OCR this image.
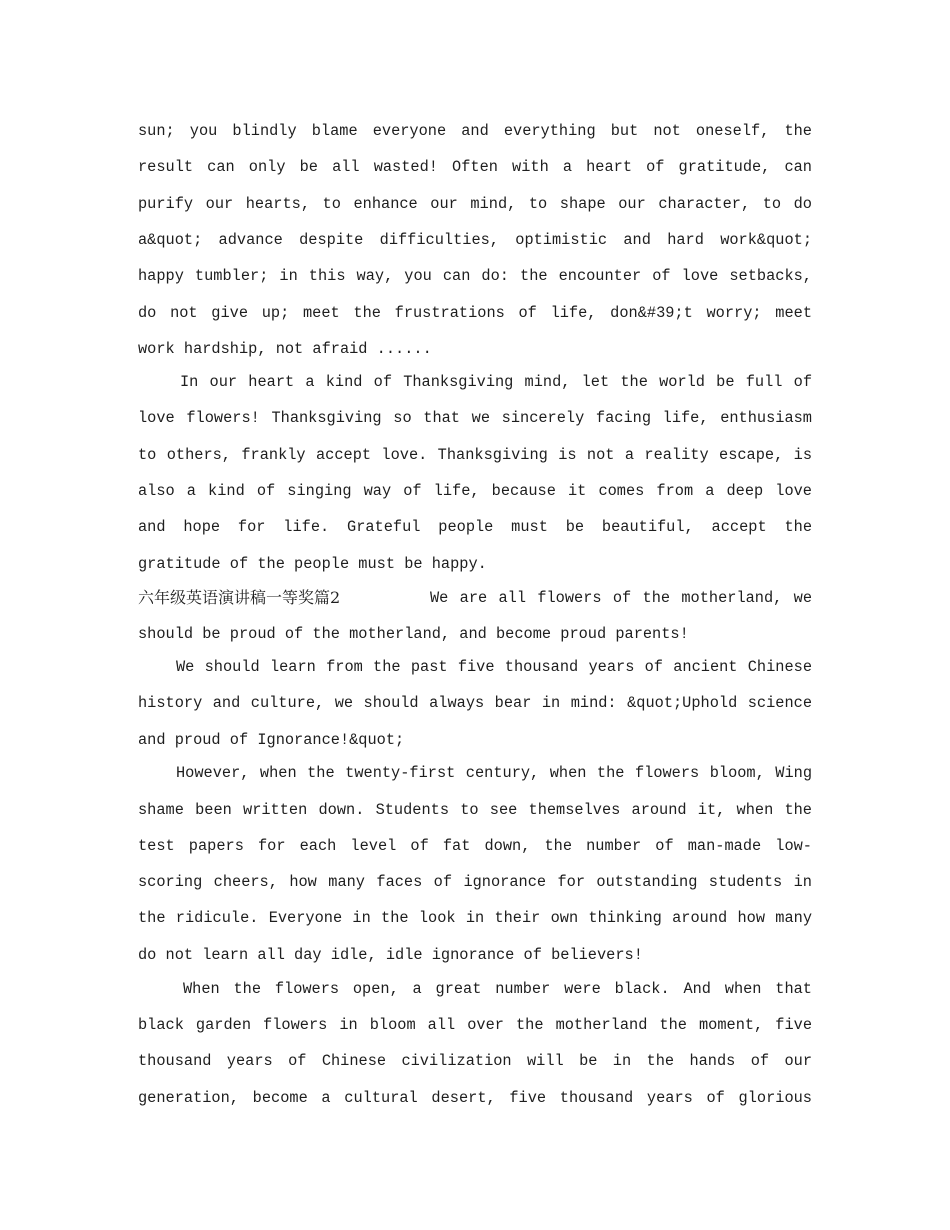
sun; you blindly blame everyone and everything but not oneself, the
result can only be all wasted! Often with a heart of gratitude, can
purify our hearts, to enhance our mind, to shape our character, to do
a&quot; advance despite difficulties, optimistic and hard work&quot;
happy tumbler; in this way, you can do: the encounter of love setbacks,
do not give up; meet the frustrations of life, don&#39;t worry; meet
work hardship, not afraid ......
In our heart a kind of Thanksgiving mind, let the world be full of
love flowers! Thanksgiving so that we sincerely facing life, enthusiasm
to others, frankly accept love. Thanksgiving is not a reality escape, is
also a kind of singing way of life, because it comes from a deep love
and hope for life. Grateful people must be beautiful, accept the
gratitude of the people must be happy.
六年级英语演讲稿一等奖篇2	We are all flowers of the motherland, we
should be proud of the motherland, and become proud parents!
We should learn from the past five thousand years of ancient Chinese
history and culture, we should always bear in mind: &quot;Uphold science
and proud of Ignorance!&quot;
However, when the twenty-first century, when the flowers bloom, Wing
shame been written down. Students to see themselves around it, when the
test papers for each level of fat down, the number of man-made low-
scoring cheers, how many faces of ignorance for outstanding students in
the ridicule. Everyone in the look in their own thinking around how many
do not learn all day idle, idle ignorance of believers!
When the flowers open, a great number were black. And when that
black garden flowers in bloom all over the motherland the moment, five
thousand years of Chinese civilization will be in the hands of our
generation, become a cultural desert, five thousand years of glorious
